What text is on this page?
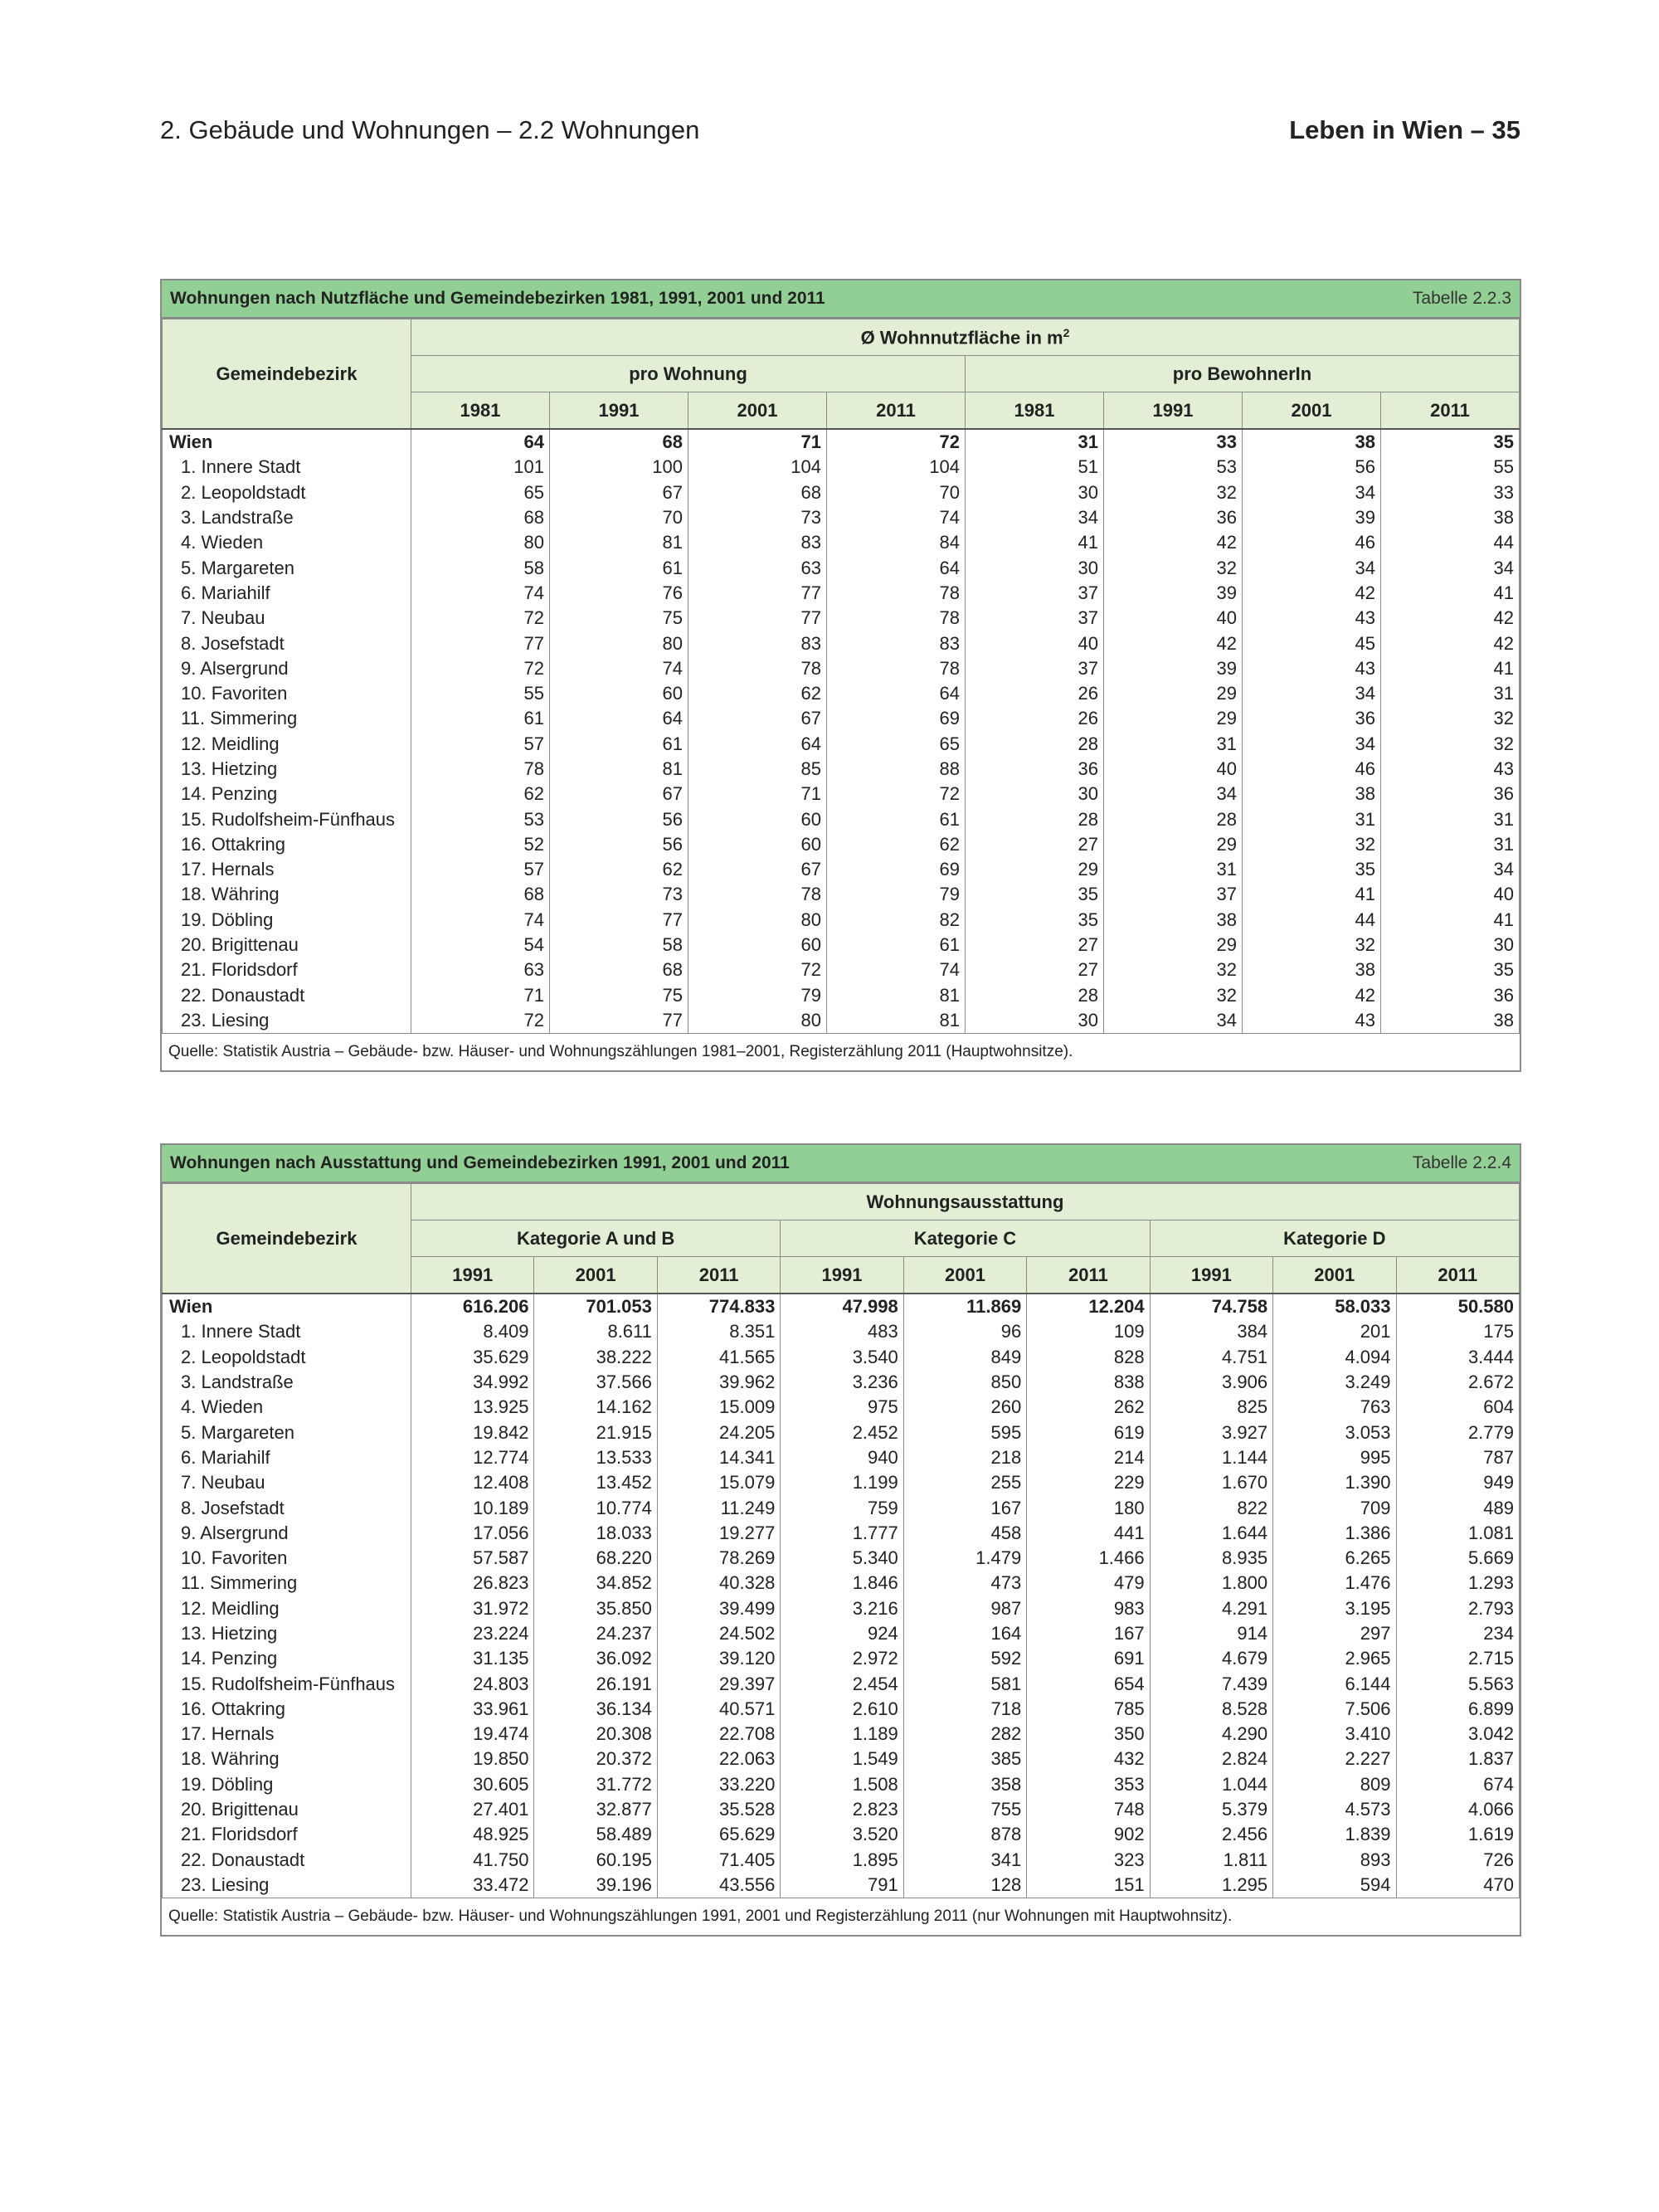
2. Gebäude und Wohnungen – 2.2 Wohnungen	Leben in Wien – 35
Wohnungen nach Nutzfläche und Gemeindebezirken 1981, 1991, 2001 und 2011	Tabelle 2.2.3
Gemeindebezirk	Ø Wohnnutzfläche in $m^2$
	pro Wohnung				pro BewohnerIn			
	1981	1991	2001	2011	1981	1991	2001	2011
Wien	64	68	71	72	31	33	38	35
1. Innere Stadt	101	100	104	104	51	53	56	55
2. Leopoldstadt	65	67	68	70	30	32	34	33
3. Landstraße	68	70	73	74	34	36	39	38
4. Wieden	80	81	83	84	41	42	46	44
5. Margareten	58	61	63	64	30	32	34	34
6. Mariahilf	74	76	77	78	37	39	42	41
7. Neubau	72	75	77	78	37	40	43	42
8. Josefstadt	77	80	83	83	40	42	45	42
9. Alsergrund	72	74	78	78	37	39	43	41
10. Favoriten	55	60	62	64	26	29	34	31
11. Simmering	61	64	67	69	26	29	36	32
12. Meidling	57	61	64	65	28	31	34	32
13. Hietzing	78	81	85	88	36	40	46	43
14. Penzing	62	67	71	72	30	34	38	36
15. Rudolfsheim-Fünfhaus	53	56	60	61	28	28	31	31
16. Ottakring	52	56	60	62	27	29	32	31
17. Hernals	57	62	67	69	29	31	35	34
18. Währing	68	73	78	79	35	37	41	40
19. Döbling	74	77	80	82	35	38	44	41
20. Brigittenau	54	58	60	61	27	29	32	30
21. Floridsdorf	63	68	72	74	27	32	38	35
22. Donaustadt	71	75	79	81	28	32	42	36
23. Liesing	72	77	80	81	30	34	43	38
Quelle: Statistik Austria – Gebäude- bzw. Häuser- und Wohnungszählungen 1981–2001, Registerzählung 2011 (Hauptwohnsitze).
Wohnungen nach Ausstattung und Gemeindebezirken 1991, 2001 und 2011	Tabelle 2.2.4
Gemeindebezirk	Wohnungsausstattung								
	Kategorie A und B			Kategorie C			Kategorie D		
	1991	2001	2011	1991	2001	2011	1991	2001	2011
Wien	616.206	701.053	774.833	47.998	11.869	12.204	74.758	58.033	50.580
1. Innere Stadt	8.409	8.611	8.351	483	96	109	384	201	175
2. Leopoldstadt	35.629	38.222	41.565	3.540	849	828	4.751	4.094	3.444
3. Landstraße	34.992	37.566	39.962	3.236	850	838	3.906	3.249	2.672
4. Wieden	13.925	14.162	15.009	975	260	262	825	763	604
5. Margareten	19.842	21.915	24.205	2.452	595	619	3.927	3.053	2.779
6. Mariahilf	12.774	13.533	14.341	940	218	214	1.144	995	787
7. Neubau	12.408	13.452	15.079	1.199	255	229	1.670	1.390	949
8. Josefstadt	10.189	10.774	11.249	759	167	180	822	709	489
9. Alsergrund	17.056	18.033	19.277	1.777	458	441	1.644	1.386	1.081
10. Favoriten	57.587	68.220	78.269	5.340	1.479	1.466	8.935	6.265	5.669
11. Simmering	26.823	34.852	40.328	1.846	473	479	1.800	1.476	1.293
12. Meidling	31.972	35.850	39.499	3.216	987	983	4.291	3.195	2.793
13. Hietzing	23.224	24.237	24.502	924	164	167	914	297	234
14. Penzing	31.135	36.092	39.120	2.972	592	691	4.679	2.965	2.715
15. Rudolfsheim-Fünfhaus	24.803	26.191	29.397	2.454	581	654	7.439	6.144	5.563
16. Ottakring	33.961	36.134	40.571	2.610	718	785	8.528	7.506	6.899
17. Hernals	19.474	20.308	22.708	1.189	282	350	4.290	3.410	3.042
18. Währing	19.850	20.372	22.063	1.549	385	432	2.824	2.227	1.837
19. Döbling	30.605	31.772	33.220	1.508	358	353	1.044	809	674
20. Brigittenau	27.401	32.877	35.528	2.823	755	748	5.379	4.573	4.066
21. Floridsdorf	48.925	58.489	65.629	3.520	878	902	2.456	1.839	1.619
22. Donaustadt	41.750	60.195	71.405	1.895	341	323	1.811	893	726
23. Liesing	33.472	39.196	43.556	791	128	151	1.295	594	470
Quelle: Statistik Austria – Gebäude- bzw. Häuser- und Wohnungszählungen 1991, 2001 und Registerzählung 2011 (nur Wohnungen mit Hauptwohnsitz).
